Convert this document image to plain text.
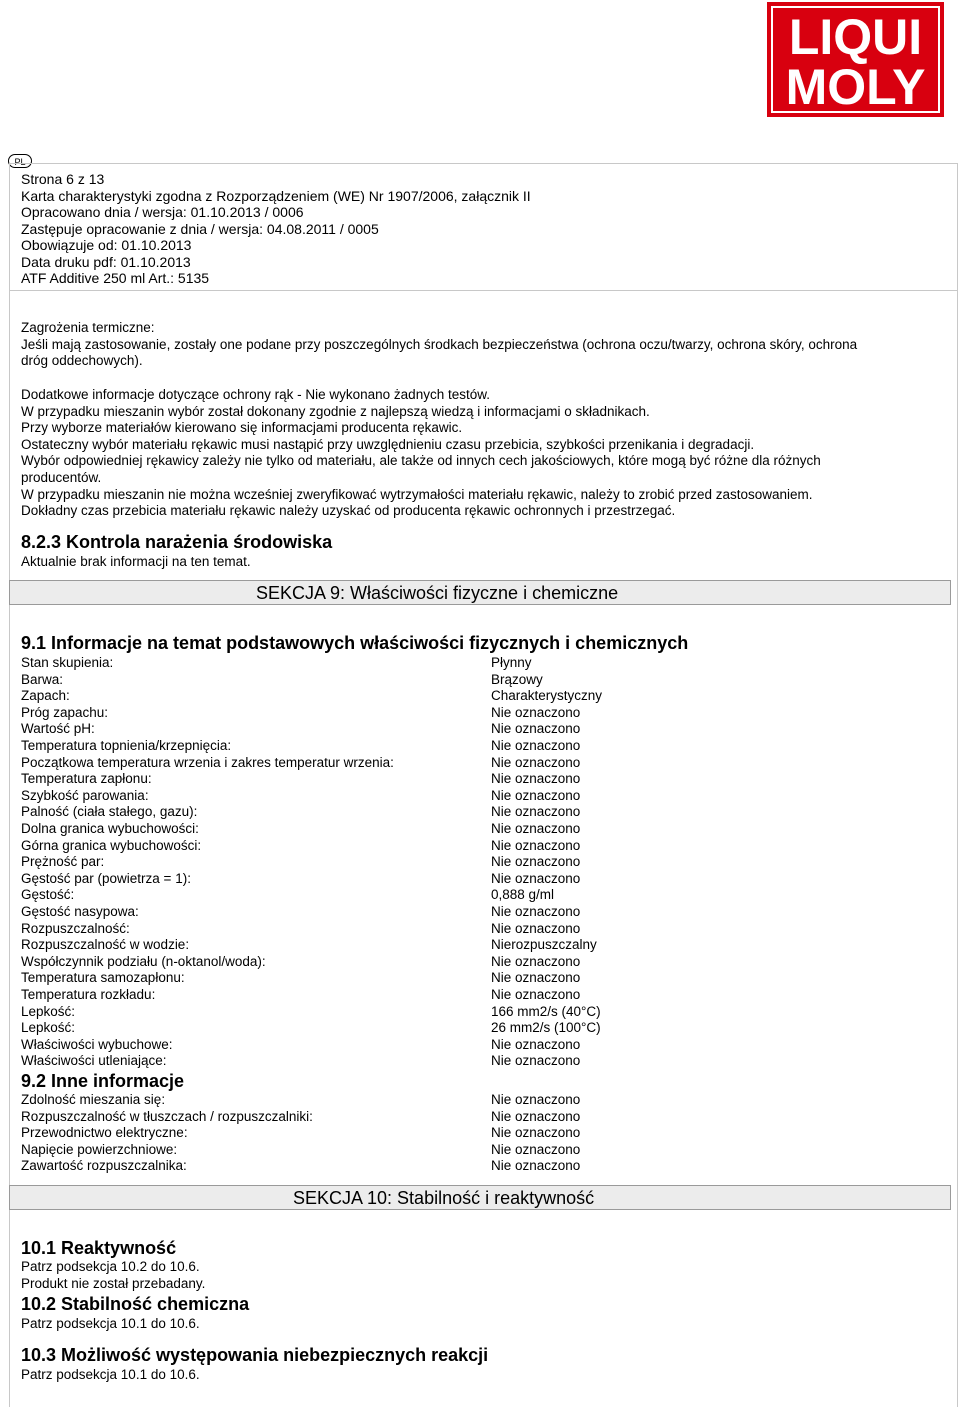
LIQUI
MOLY
PL
Strona 6 z 13
Karta charakterystyki zgodna z Rozporządzeniem (WE) Nr 1907/2006, załącznik II
Opracowano dnia / wersja: 01.10.2013 / 0006
Zastępuje opracowanie z dnia / wersja: 04.08.2011 / 0005
Obowiązuje od: 01.10.2013
Data druku pdf: 01.10.2013
ATF Additive 250 ml Art.: 5135

Zagrożenia termiczne:

Jeśli mają zastosowanie, zostały one podane przy poszczególnych środkach bezpieczeństwa (ochrona oczu/twarzy, ochrona skóry, ochrona

dróg oddechowych).

Dodatkowe informacje dotyczące ochrony rąk - Nie wykonano żadnych testów.

W przypadku mieszanin wybór został dokonany zgodnie z najlepszą wiedzą i informacjami o składnikach.

Przy wyborze materiałów kierowano się informacjami producenta rękawic.

Ostateczny wybór materiału rękawic musi nastąpić przy uwzględnieniu czasu przebicia, szybkości przenikania i degradacji.

Wybór odpowiedniej rękawicy zależy nie tylko od materiału, ale także od innych cech jakościowych, które mogą być różne dla różnych

producentów.

W przypadku mieszanin nie można wcześniej zweryfikować wytrzymałości materiału rękawic, należy to zrobić przed zastosowaniem.

Dokładny czas przebicia materiału rękawic należy uzyskać od producenta rękawic ochronnych i przestrzegać.

8.2.3 Kontrola narażenia środowiska
Aktualnie brak informacji na ten temat.
SEKCJA 9: Właściwości fizyczne i chemiczne
9.1 Informacje na temat podstawowych właściwości fizycznych i chemicznych
Stan skupienia:	Płynny
Barwa:	Brązowy
Zapach:	Charakterystyczny
Próg zapachu:	Nie oznaczono
Wartość pH:	Nie oznaczono
Temperatura topnienia/krzepnięcia:	Nie oznaczono
Początkowa temperatura wrzenia i zakres temperatur wrzenia:	Nie oznaczono
Temperatura zapłonu:	Nie oznaczono
Szybkość parowania:	Nie oznaczono
Palność (ciała stałego, gazu):	Nie oznaczono
Dolna granica wybuchowości:	Nie oznaczono
Górna granica wybuchowości:	Nie oznaczono
Prężność par:	Nie oznaczono
Gęstość par (powietrza = 1):	Nie oznaczono
Gęstość:	0,888 g/ml
Gęstość nasypowa:	Nie oznaczono
Rozpuszczalność:	Nie oznaczono
Rozpuszczalność w wodzie:	Nierozpuszczalny
Współczynnik podziału (n-oktanol/woda):	Nie oznaczono
Temperatura samozapłonu:	Nie oznaczono
Temperatura rozkładu:	Nie oznaczono
Lepkość:	166 mm2/s (40°C)
Lepkość:	26 mm2/s (100°C)
Właściwości wybuchowe:	Nie oznaczono
Właściwości utleniające:	Nie oznaczono
9.2 Inne informacje
Zdolność mieszania się:	Nie oznaczono
Rozpuszczalność w tłuszczach / rozpuszczalniki:	Nie oznaczono
Przewodnictwo elektryczne:	Nie oznaczono
Napięcie powierzchniowe:	Nie oznaczono
Zawartość rozpuszczalnika:	Nie oznaczono
SEKCJA 10: Stabilność i reaktywność
10.1 Reaktywność
Patrz podsekcja 10.2 do 10.6.
Produkt nie został przebadany.
10.2 Stabilność chemiczna
Patrz podsekcja 10.1 do 10.6.
10.3 Możliwość występowania niebezpiecznych reakcji
Patrz podsekcja 10.1 do 10.6.
